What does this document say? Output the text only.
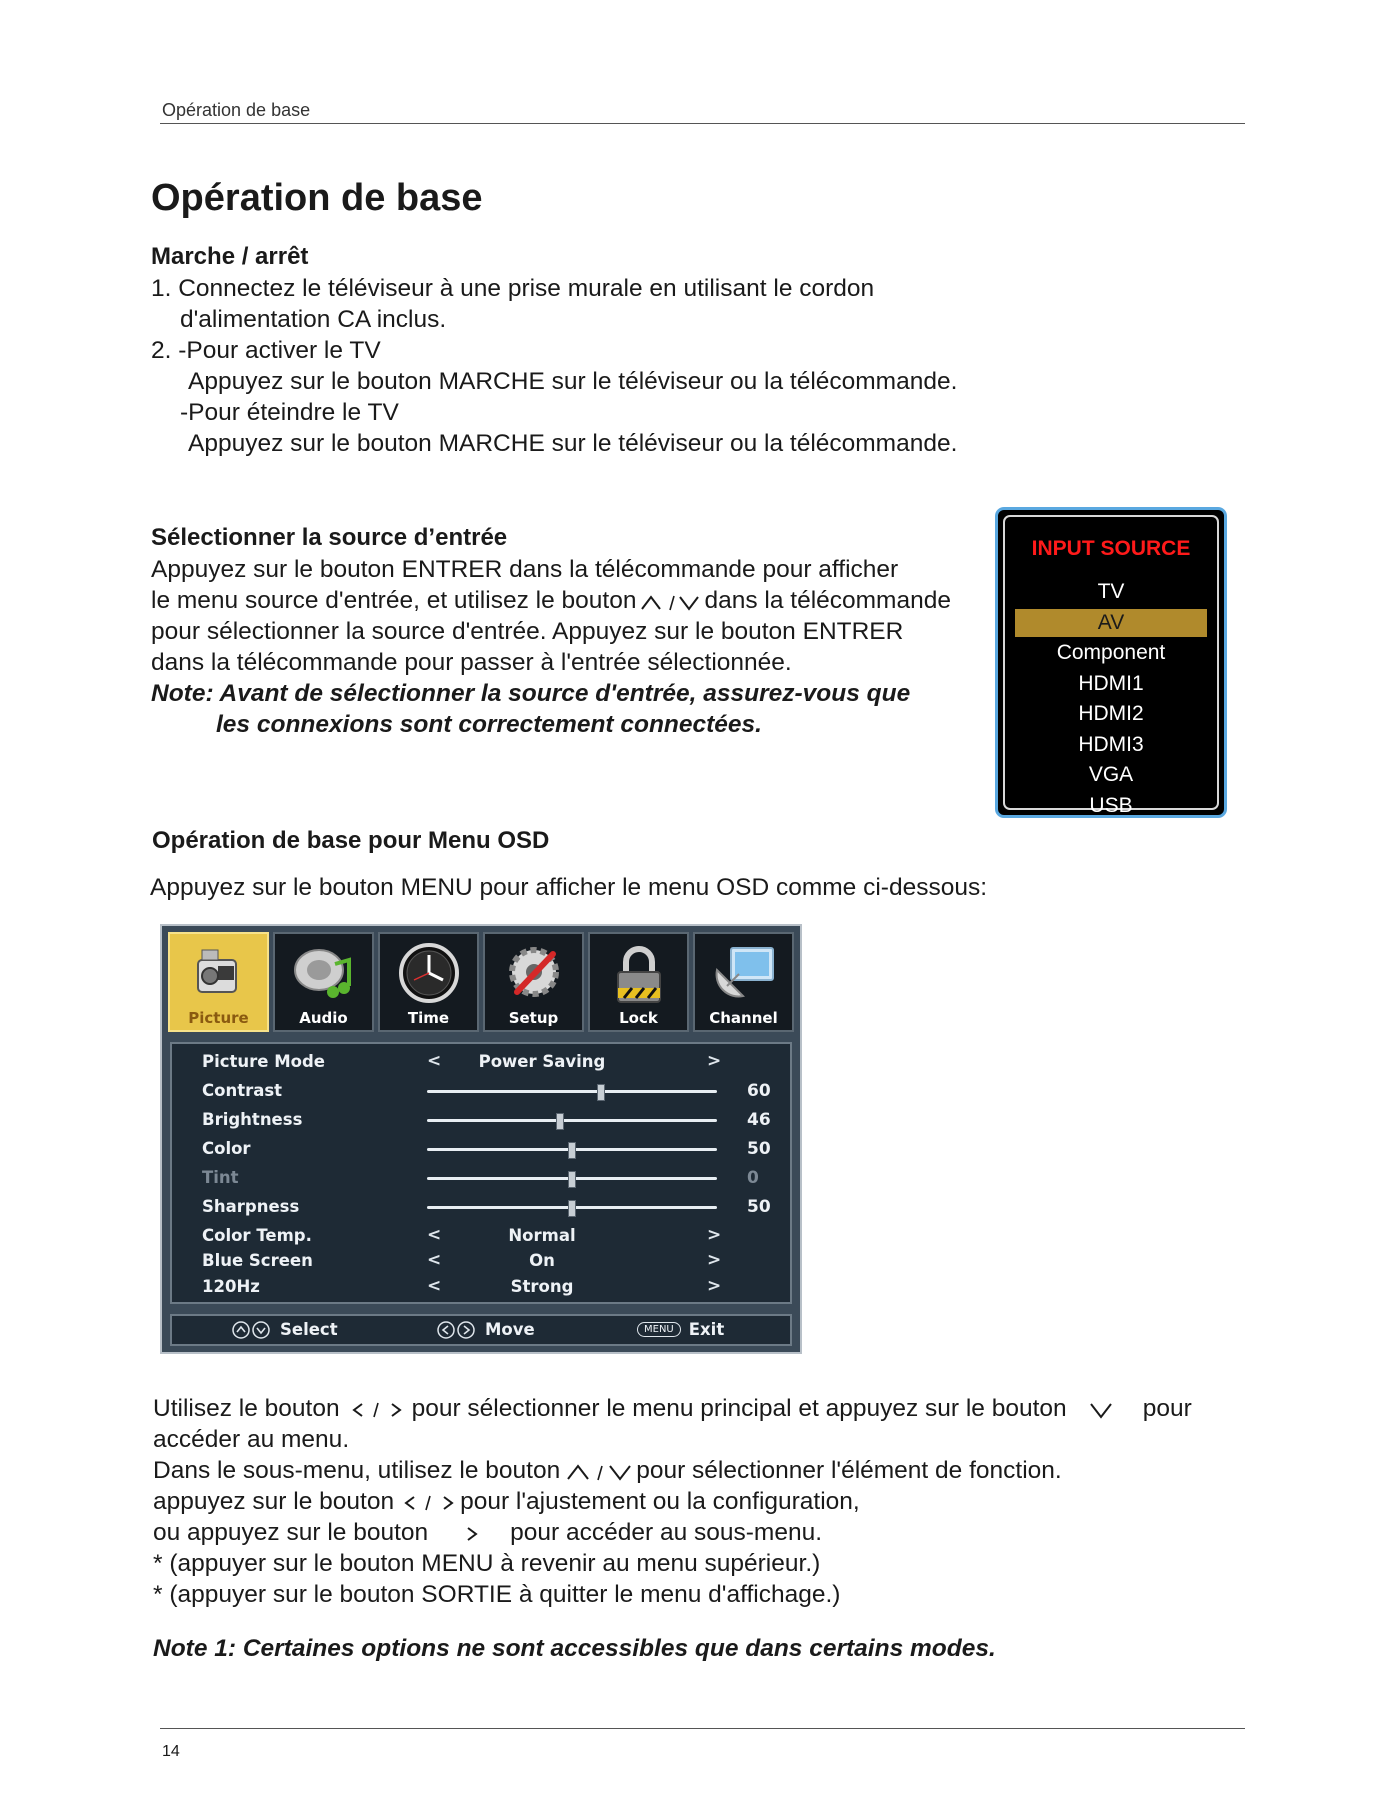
Opération de base
Opération de base
Marche / arrêt
1. Connectez le téléviseur à une prise murale en utilisant le cordon
d'alimentation CA inclus.
2. -Pour activer le TV
Appuyez sur le bouton MARCHE sur le téléviseur ou la télécommande.
-Pour éteindre le TV
Appuyez sur le bouton MARCHE sur le téléviseur ou la télécommande.
Sélectionner la source d’entrée
Appuyez sur le bouton ENTRER dans la télécommande pour afficher
le menu source d'entrée, et utilisez le bouton	dans la télécommande
pour sélectionner la source d'entrée. Appuyez sur le bouton ENTRER
dans la télécommande pour passer à l'entrée sélectionnée.
Note: Avant de sélectionner la source d'entrée, assurez-vous que
les connexions sont correctement connectées.
INPUT SOURCE
TV
AV
Component
HDMI1
HDMI2
HDMI3
VGA
USB
Opération de base pour Menu OSD
Appuyez sur le bouton MENU pour afficher le menu OSD comme ci-dessous:
Picture	Audio	Time	Setup	Lock	Channel
Picture Mode	<	Power Saving	>
Contrast	60
Brightness	46
Color	50
Tint	0
Sharpness	50
Color Temp.	<	Normal	>
Blue Screen	<	On	>
120Hz	<	Strong	>
Select	Move	MENU Exit
Utilisez le bouton	pour sélectionner le menu principal et appuyez sur le bouton	pour
accéder au menu.
Dans le sous-menu, utilisez le bouton	pour sélectionner l'élément de fonction.
appuyez sur le bouton	pour l'ajustement ou la configuration,
ou appuyez sur le bouton	pour accéder au sous-menu.
* (appuyer sur le bouton MENU à revenir au menu supérieur.)
* (appuyer sur le bouton SORTIE à quitter le menu d'affichage.)
Note 1: Certaines options ne sont accessibles que dans certains modes.
14
